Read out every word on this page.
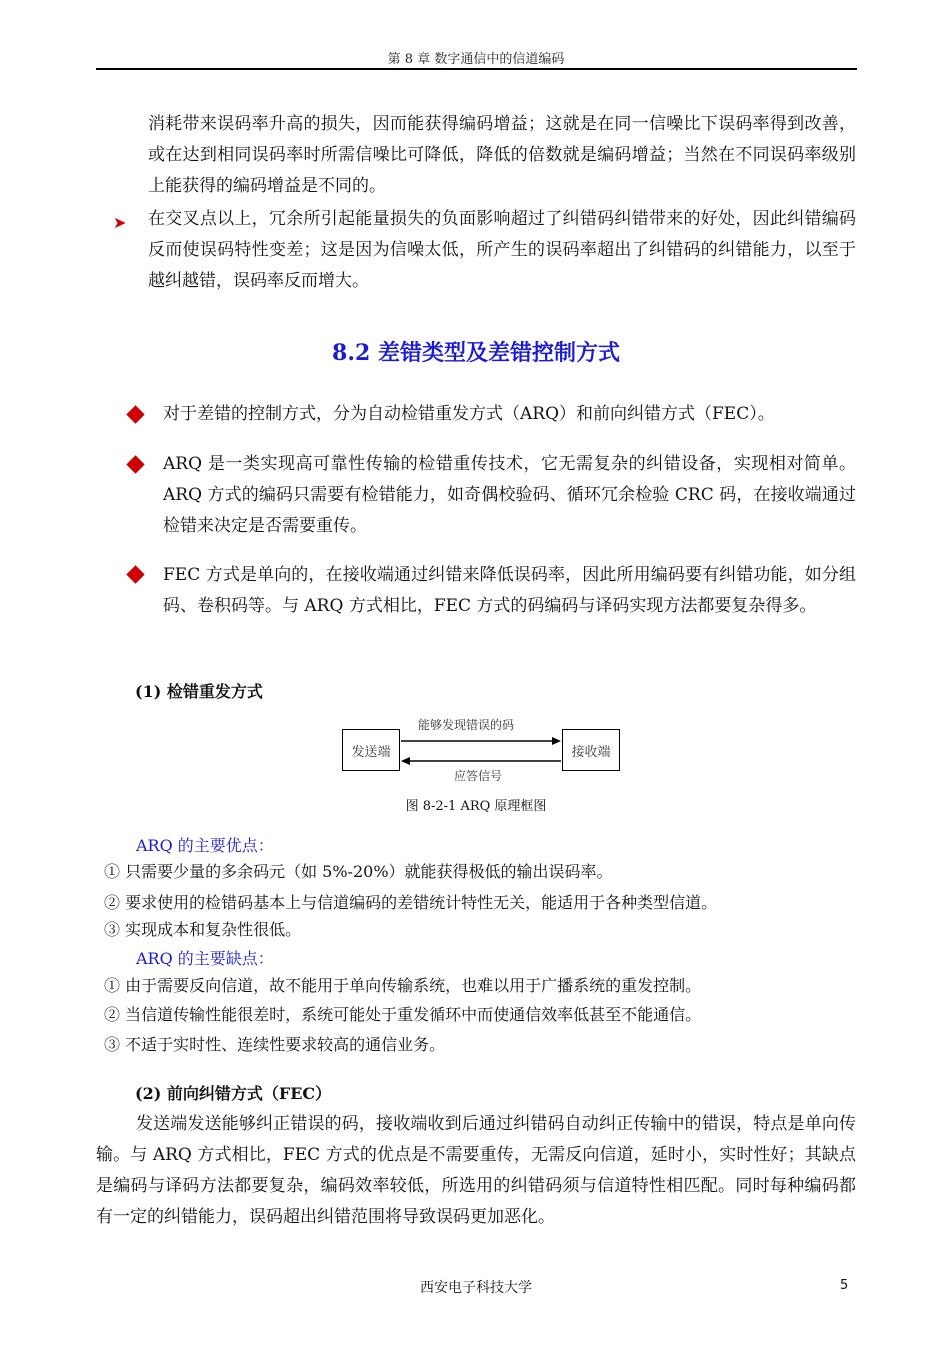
第 8 章 数字通信中的信道编码

消耗带来误码率升高的损失，因而能获得编码增益；这就是在同一信噪比下误码率得到改善，或在达到相同误码率时所需信噪比可降低，降低的倍数就是编码增益；当然在不同误码率级别上能获得的编码增益是不同的。

➤ 在交叉点以上，冗余所引起能量损失的负面影响超过了纠错码纠错带来的好处，因此纠错编码反而使误码特性变差；这是因为信噪太低，所产生的误码率超出了纠错码的纠错能力，以至于越纠越错，误码率反而增大。

8.2 差错类型及差错控制方式

对于差错的控制方式，分为自动检错重发方式（ARQ）和前向纠错方式（FEC）。

ARQ 是一类实现高可靠性传输的检错重传技术，它无需复杂的纠错设备，实现相对简单。ARQ 方式的编码只需要有检错能力，如奇偶校验码、循环冗余检验 CRC 码，在接收端通过检错来决定是否需要重传。

FEC 方式是单向的，在接收端通过纠错来降低误码率，因此所用编码要有纠错功能，如分组码、卷积码等。与 ARQ 方式相比，FEC 方式的码编码与译码实现方法都要复杂得多。

(1) 检错重发方式
发送端	接收端
能够发现错误的码
应答信号
图 8-2-1 ARQ 原理框图
ARQ 的主要优点：
① 只需要少量的多余码元（如 5%-20%）就能获得极低的输出误码率。
② 要求使用的检错码基本上与信道编码的差错统计特性无关，能适用于各种类型信道。
③ 实现成本和复杂性很低。
ARQ 的主要缺点：
① 由于需要反向信道，故不能用于单向传输系统，也难以用于广播系统的重发控制。
② 当信道传输性能很差时，系统可能处于重发循环中而使通信效率低甚至不能通信。
③ 不适于实时性、连续性要求较高的通信业务。
(2) 前向纠错方式（FEC）

发送端发送能够纠正错误的码，接收端收到后通过纠错码自动纠正传输中的错误，特点是单向传输。与 ARQ 方式相比，FEC 方式的优点是不需要重传，无需反向信道，延时小，实时性好；其缺点是编码与译码方法都要复杂，编码效率较低，所选用的纠错码须与信道特性相匹配。同时每种编码都有一定的纠错能力，误码超出纠错范围将导致误码更加恶化。

西安电子科技大学	5
